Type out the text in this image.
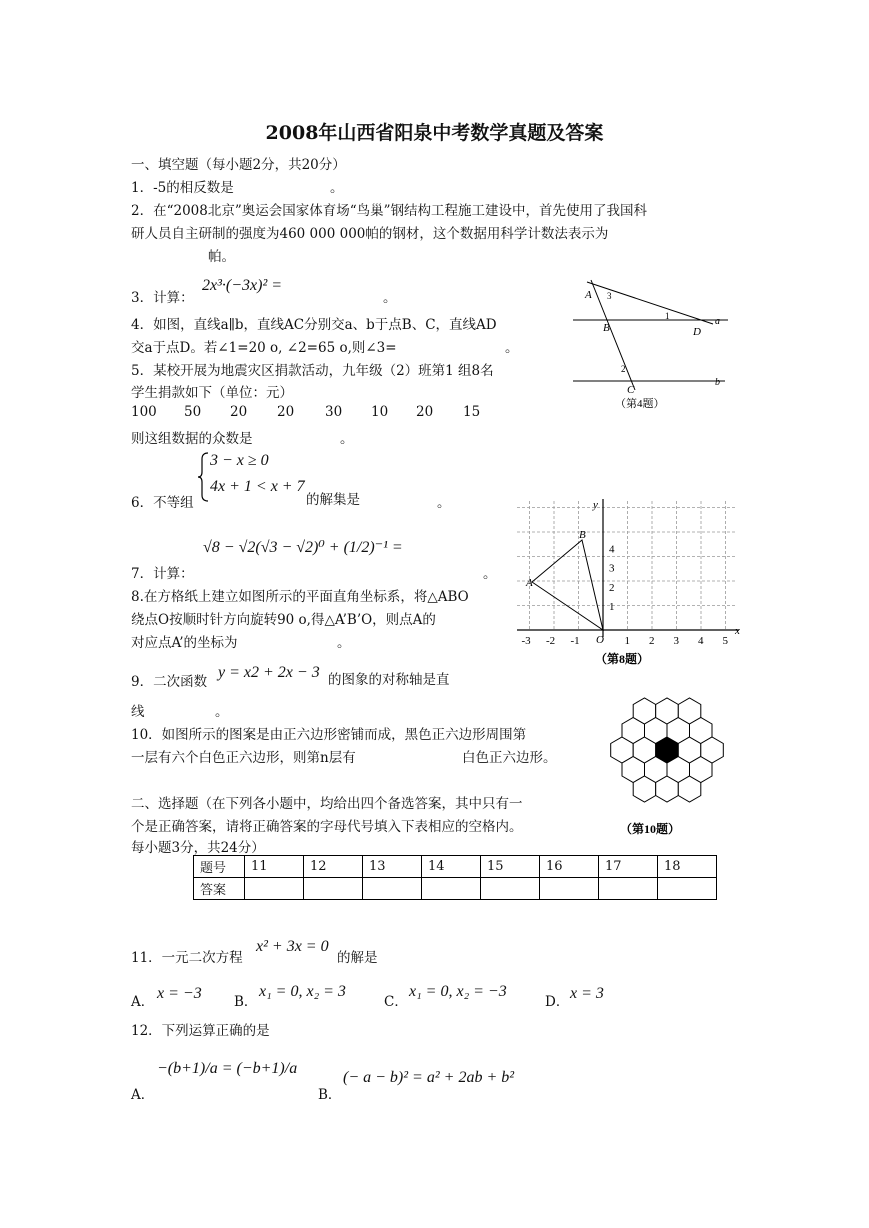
2008年山西省阳泉中考数学真题及答案
一、填空题（每小题2分，共20分）
1．-5的相反数是	。
2．在“2008北京”奥运会国家体育场“鸟巢”钢结构工程施工建设中，首先使用了我国科
研人员自主研制的强度为460 000 000帕的钢材，这个数据用科学计数法表示为
帕。
3．计算：
2x³·(−3x)² =
。
4．如图，直线a∥b，直线AC分别交a、b于点B、C，直线AD
交a于点D。若∠1=20 o, ∠2=65 o,则∠3=	。
5．某校开展为地震灾区捐款活动，九年级（2）班第1 组8名
学生捐款如下（单位：元）
100 50 20 20 30 10 20 15
则这组数据的众数是	。
6．不等组
3 − x ≥ 0
4x + 1 < x + 7
的解集是	。
7．计算：
√8 − √2(√3 − √2)⁰ + (1/2)⁻¹ =
。
8.在方格纸上建立如图所示的平面直角坐标系，将△ABO
绕点O按顺时针方向旋转90 o,得△A’B’O，则点A的
对应点A’的坐标为	。
9．二次函数
y = x2 + 2x − 3 的图象的对称轴是直
线	。
10．如图所示的图案是由正六边形密铺而成，黑色正六边形周围第
一层有六个白色正六边形，则第n层有	白色正六边形。
二、选择题（在下列各小题中，均给出四个备选答案，其中只有一
个是正确答案，请将正确答案的字母代号填入下表相应的空格内。
每小题3分，共24分）
题号	11	12	13	14	15	16	17	18
答案								
11．一元二次方程
x² + 3x = 0
的解是
A． x = −3 B．
x₁ = 0, x₂ = 3
C．
x₁ = 0, x₂ = −3
D． x = 3
12．下列运算正确的是
A．
−(b+1)/a = (−b+1)/a
B．
(− a − b)² = a² + 2ab + b²
A 3
1	a
B	D
2
C
b
（第4题）
x
y
O
A
B
-3 -2 -1	1 2 3 4 5
1
2
3
4
（第8题）
（第10题）
